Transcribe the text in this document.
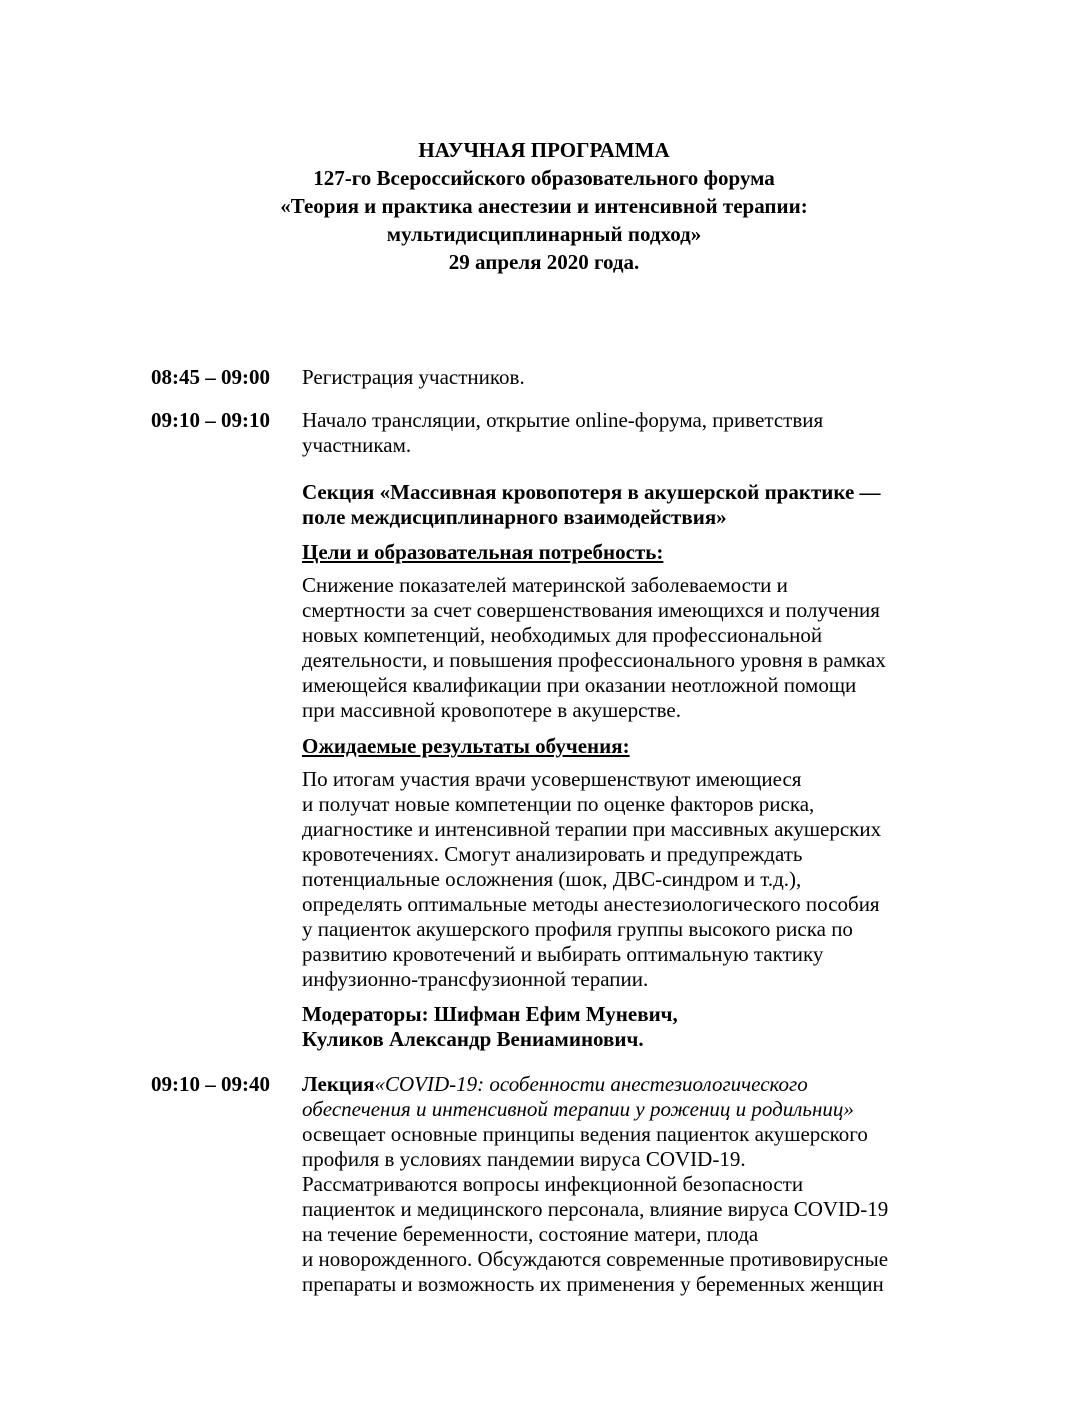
НАУЧНАЯ ПРОГРАММА
127-го Всероссийского образовательного форума
«Теория и практика анестезии и интенсивной терапии:
мультидисциплинарный подход»
29 апреля 2020 года.
08:45 – 09:00 Регистрация участников.
09:10 – 09:10 Начало трансляции, открытие online-форума, приветствия
участникам.
Секция «Массивная кровопотеря в акушерской практике —
поле междисциплинарного взаимодействия»
Цели и образовательная потребность:
Снижение показателей материнской заболеваемости и
смертности за счет совершенствования имеющихся и получения
новых компетенций, необходимых для профессиональной
деятельности, и повышения профессионального уровня в рамках
имеющейся квалификации при оказании неотложной помощи
при массивной кровопотере в акушерстве.
Ожидаемые результаты обучения:
По итогам участия врачи усовершенствуют имеющиеся
и получат новые компетенции по оценке факторов риска,
диагностике и интенсивной терапии при массивных акушерских
кровотечениях. Смогут анализировать и предупреждать
потенциальные осложнения (шок, ДВС-синдром и т.д.),
определять оптимальные методы анестезиологического пособия
у пациенток акушерского профиля группы высокого риска по
развитию кровотечений и выбирать оптимальную тактику
инфузионно-трансфузионной терапии.
Модераторы: Шифман Ефим Муневич,
Куликов Александр Вениаминович.
09:10 – 09:40 Лекция«COVID-19: особенности анестезиологического
обеспечения и интенсивной терапии у рожениц и родильниц»
освещает основные принципы ведения пациенток акушерского
профиля в условиях пандемии вируса COVID-19.
Рассматриваются вопросы инфекционной безопасности
пациенток и медицинского персонала, влияние вируса COVID-19
на течение беременности, состояние матери, плода
и новорожденного. Обсуждаются современные противовирусные
препараты и возможность их применения у беременных женщин
